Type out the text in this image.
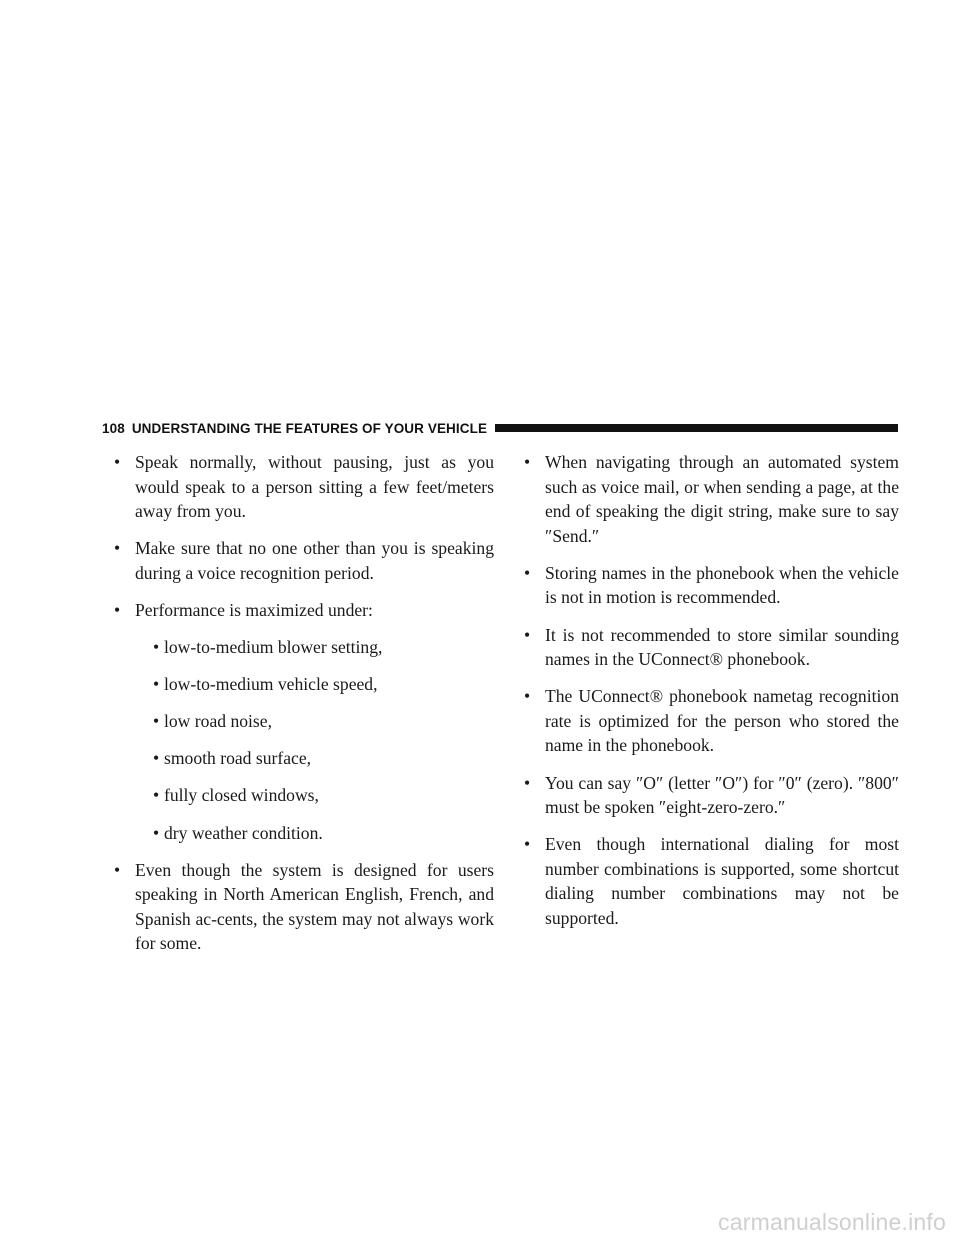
108 UNDERSTANDING THE FEATURES OF YOUR VEHICLE
• Speak normally, without pausing, just as you would speak to a person sitting a few feet/meters away from you.
• Make sure that no one other than you is speaking during a voice recognition period.
• Performance is maximized under:
• low-to-medium blower setting,
• low-to-medium vehicle speed,
• low road noise,
• smooth road surface,
• fully closed windows,
• dry weather condition.
• Even though the system is designed for users speaking in North American English, French, and Spanish ac-cents, the system may not always work for some.
• When navigating through an automated system such as voice mail, or when sending a page, at the end of speaking the digit string, make sure to say ″Send.″
• Storing names in the phonebook when the vehicle is not in motion is recommended.
• It is not recommended to store similar sounding names in the UConnect® phonebook.
• The UConnect® phonebook nametag recognition rate is optimized for the person who stored the name in the phonebook.
• You can say ″O″ (letter ″O″) for ″0″ (zero). ″800″ must be spoken ″eight-zero-zero.″
• Even though international dialing for most number combinations is supported, some shortcut dialing number combinations may not be supported.
carmanualsonline.info
